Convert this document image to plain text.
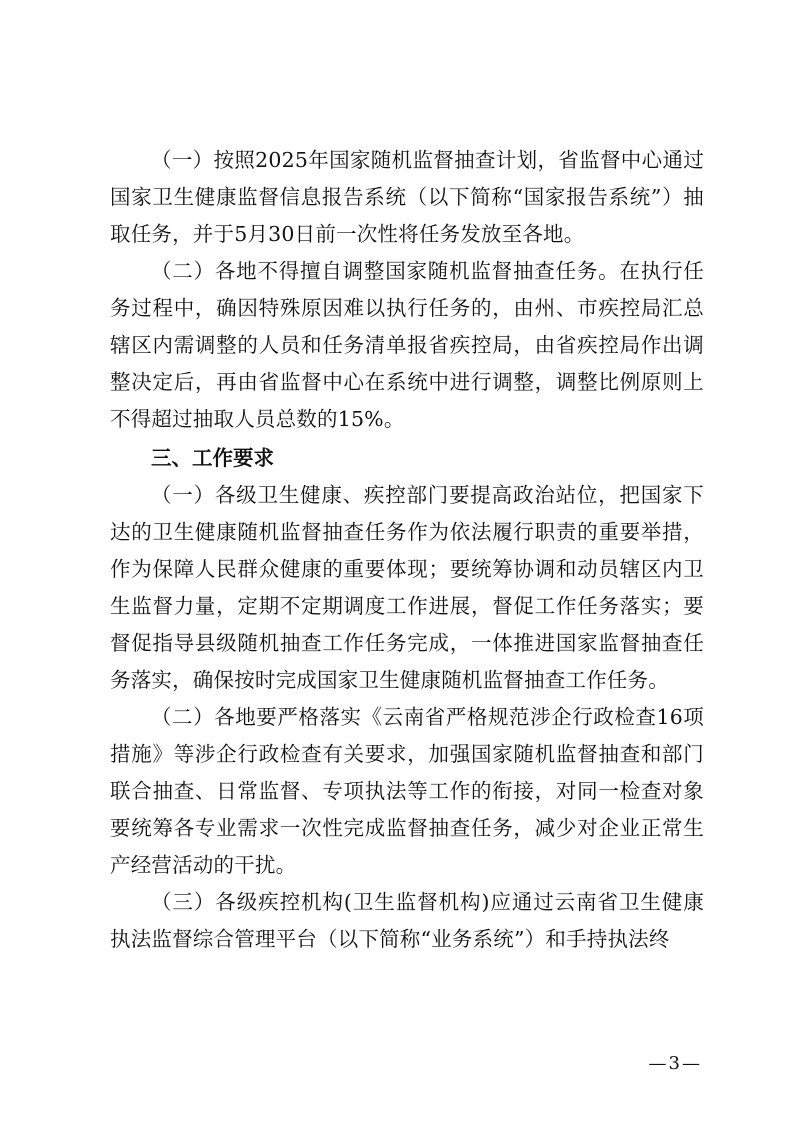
（一）按照2025年国家随机监督抽查计划，省监督中心通过国家卫生健康监督信息报告系统（以下简称“国家报告系统”）抽取任务，并于5月30日前一次性将任务发放至各地。

（二）各地不得擅自调整国家随机监督抽查任务。在执行任务过程中，确因特殊原因难以执行任务的，由州、市疾控局汇总辖区内需调整的人员和任务清单报省疾控局，由省疾控局作出调整决定后，再由省监督中心在系统中进行调整，调整比例原则上不得超过抽取人员总数的15%。

三、工作要求

（一）各级卫生健康、疾控部门要提高政治站位，把国家下达的卫生健康随机监督抽查任务作为依法履行职责的重要举措，作为保障人民群众健康的重要体现；要统筹协调和动员辖区内卫生监督力量，定期不定期调度工作进展，督促工作任务落实；要督促指导县级随机抽查工作任务完成，一体推进国家监督抽查任务落实，确保按时完成国家卫生健康随机监督抽查工作任务。

（二）各地要严格落实《云南省严格规范涉企行政检查16项措施》等涉企行政检查有关要求，加强国家随机监督抽查和部门联合抽查、日常监督、专项执法等工作的衔接，对同一检查对象要统筹各专业需求一次性完成监督抽查任务，减少对企业正常生产经营活动的干扰。

（三）各级疾控机构(卫生监督机构)应通过云南省卫生健康执法监督综合管理平台（以下简称“业务系统”）和手持执法终

—3—
